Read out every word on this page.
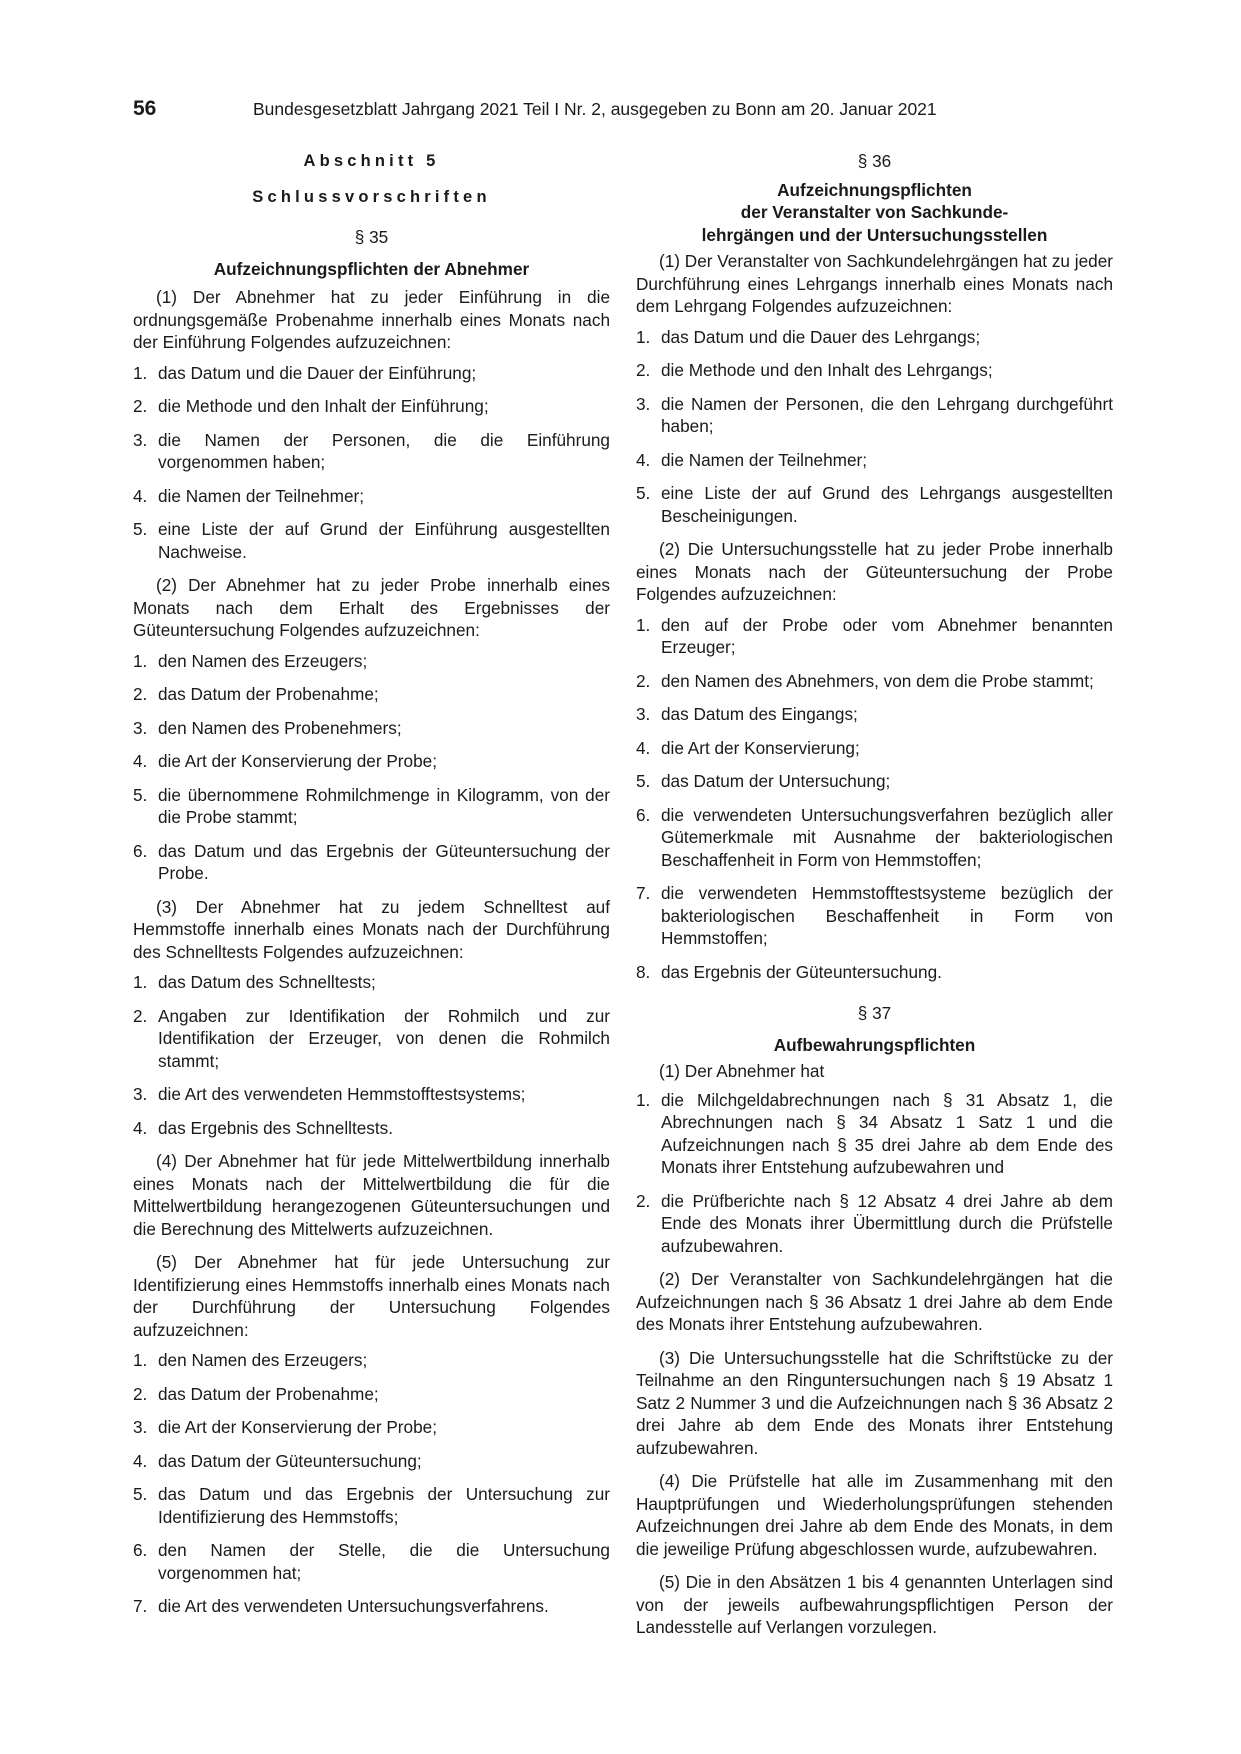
56	Bundesgesetzblatt Jahrgang 2021 Teil I Nr. 2, ausgegeben zu Bonn am 20. Januar 2021

Abschnitt 5

Schlussvorschriften

§ 35

Aufzeichnungspflichten der Abnehmer

(1) Der Abnehmer hat zu jeder Einführung in die ordnungsgemäße Probenahme innerhalb eines Monats nach der Einführung Folgendes aufzuzeichnen:

1. das Datum und die Dauer der Einführung;
2. die Methode und den Inhalt der Einführung;
3. die Namen der Personen, die die Einführung vorgenommen haben;
4. die Namen der Teilnehmer;
5. eine Liste der auf Grund der Einführung ausgestellten Nachweise.

(2) Der Abnehmer hat zu jeder Probe innerhalb eines Monats nach dem Erhalt des Ergebnisses der Güteuntersuchung Folgendes aufzuzeichnen:

1. den Namen des Erzeugers;
2. das Datum der Probenahme;
3. den Namen des Probenehmers;
4. die Art der Konservierung der Probe;
5. die übernommene Rohmilchmenge in Kilogramm, von der die Probe stammt;
6. das Datum und das Ergebnis der Güteuntersuchung der Probe.

(3) Der Abnehmer hat zu jedem Schnelltest auf Hemmstoffe innerhalb eines Monats nach der Durchführung des Schnelltests Folgendes aufzuzeichnen:

1. das Datum des Schnelltests;
2. Angaben zur Identifikation der Rohmilch und zur Identifikation der Erzeuger, von denen die Rohmilch stammt;
3. die Art des verwendeten Hemmstofftestsystems;
4. das Ergebnis des Schnelltests.

(4) Der Abnehmer hat für jede Mittelwertbildung innerhalb eines Monats nach der Mittelwertbildung die für die Mittelwertbildung herangezogenen Güteuntersuchungen und die Berechnung des Mittelwerts aufzuzeichnen.

(5) Der Abnehmer hat für jede Untersuchung zur Identifizierung eines Hemmstoffs innerhalb eines Monats nach der Durchführung der Untersuchung Folgendes aufzuzeichnen:

1. den Namen des Erzeugers;
2. das Datum der Probenahme;
3. die Art der Konservierung der Probe;
4. das Datum der Güteuntersuchung;
5. das Datum und das Ergebnis der Untersuchung zur Identifizierung des Hemmstoffs;
6. den Namen der Stelle, die die Untersuchung vorgenommen hat;
7. die Art des verwendeten Untersuchungsverfahrens.

§ 36

Aufzeichnungspflichten

der Veranstalter von Sachkunde-

lehrgängen und der Untersuchungsstellen

(1) Der Veranstalter von Sachkundelehrgängen hat zu jeder Durchführung eines Lehrgangs innerhalb eines Monats nach dem Lehrgang Folgendes aufzuzeichnen:

1. das Datum und die Dauer des Lehrgangs;
2. die Methode und den Inhalt des Lehrgangs;
3. die Namen der Personen, die den Lehrgang durchgeführt haben;
4. die Namen der Teilnehmer;
5. eine Liste der auf Grund des Lehrgangs ausgestellten Bescheinigungen.

(2) Die Untersuchungsstelle hat zu jeder Probe innerhalb eines Monats nach der Güteuntersuchung der Probe Folgendes aufzuzeichnen:

1. den auf der Probe oder vom Abnehmer benannten Erzeuger;
2. den Namen des Abnehmers, von dem die Probe stammt;
3. das Datum des Eingangs;
4. die Art der Konservierung;
5. das Datum der Untersuchung;
6. die verwendeten Untersuchungsverfahren bezüglich aller Gütemerkmale mit Ausnahme der bakteriologischen Beschaffenheit in Form von Hemmstoffen;
7. die verwendeten Hemmstofftestsysteme bezüglich der bakteriologischen Beschaffenheit in Form von Hemmstoffen;
8. das Ergebnis der Güteuntersuchung.

§ 37

Aufbewahrungspflichten

(1) Der Abnehmer hat

1. die Milchgeldabrechnungen nach § 31 Absatz 1, die Abrechnungen nach § 34 Absatz 1 Satz 1 und die Aufzeichnungen nach § 35 drei Jahre ab dem Ende des Monats ihrer Entstehung aufzubewahren und
2. die Prüfberichte nach § 12 Absatz 4 drei Jahre ab dem Ende des Monats ihrer Übermittlung durch die Prüfstelle aufzubewahren.

(2) Der Veranstalter von Sachkundelehrgängen hat die Aufzeichnungen nach § 36 Absatz 1 drei Jahre ab dem Ende des Monats ihrer Entstehung aufzubewahren.

(3) Die Untersuchungsstelle hat die Schriftstücke zu der Teilnahme an den Ringuntersuchungen nach § 19 Absatz 1 Satz 2 Nummer 3 und die Aufzeichnungen nach § 36 Absatz 2 drei Jahre ab dem Ende des Monats ihrer Entstehung aufzubewahren.

(4) Die Prüfstelle hat alle im Zusammenhang mit den Hauptprüfungen und Wiederholungsprüfungen stehenden Aufzeichnungen drei Jahre ab dem Ende des Monats, in dem die jeweilige Prüfung abgeschlossen wurde, aufzubewahren.

(5) Die in den Absätzen 1 bis 4 genannten Unterlagen sind von der jeweils aufbewahrungspflichtigen Person der Landesstelle auf Verlangen vorzulegen.
